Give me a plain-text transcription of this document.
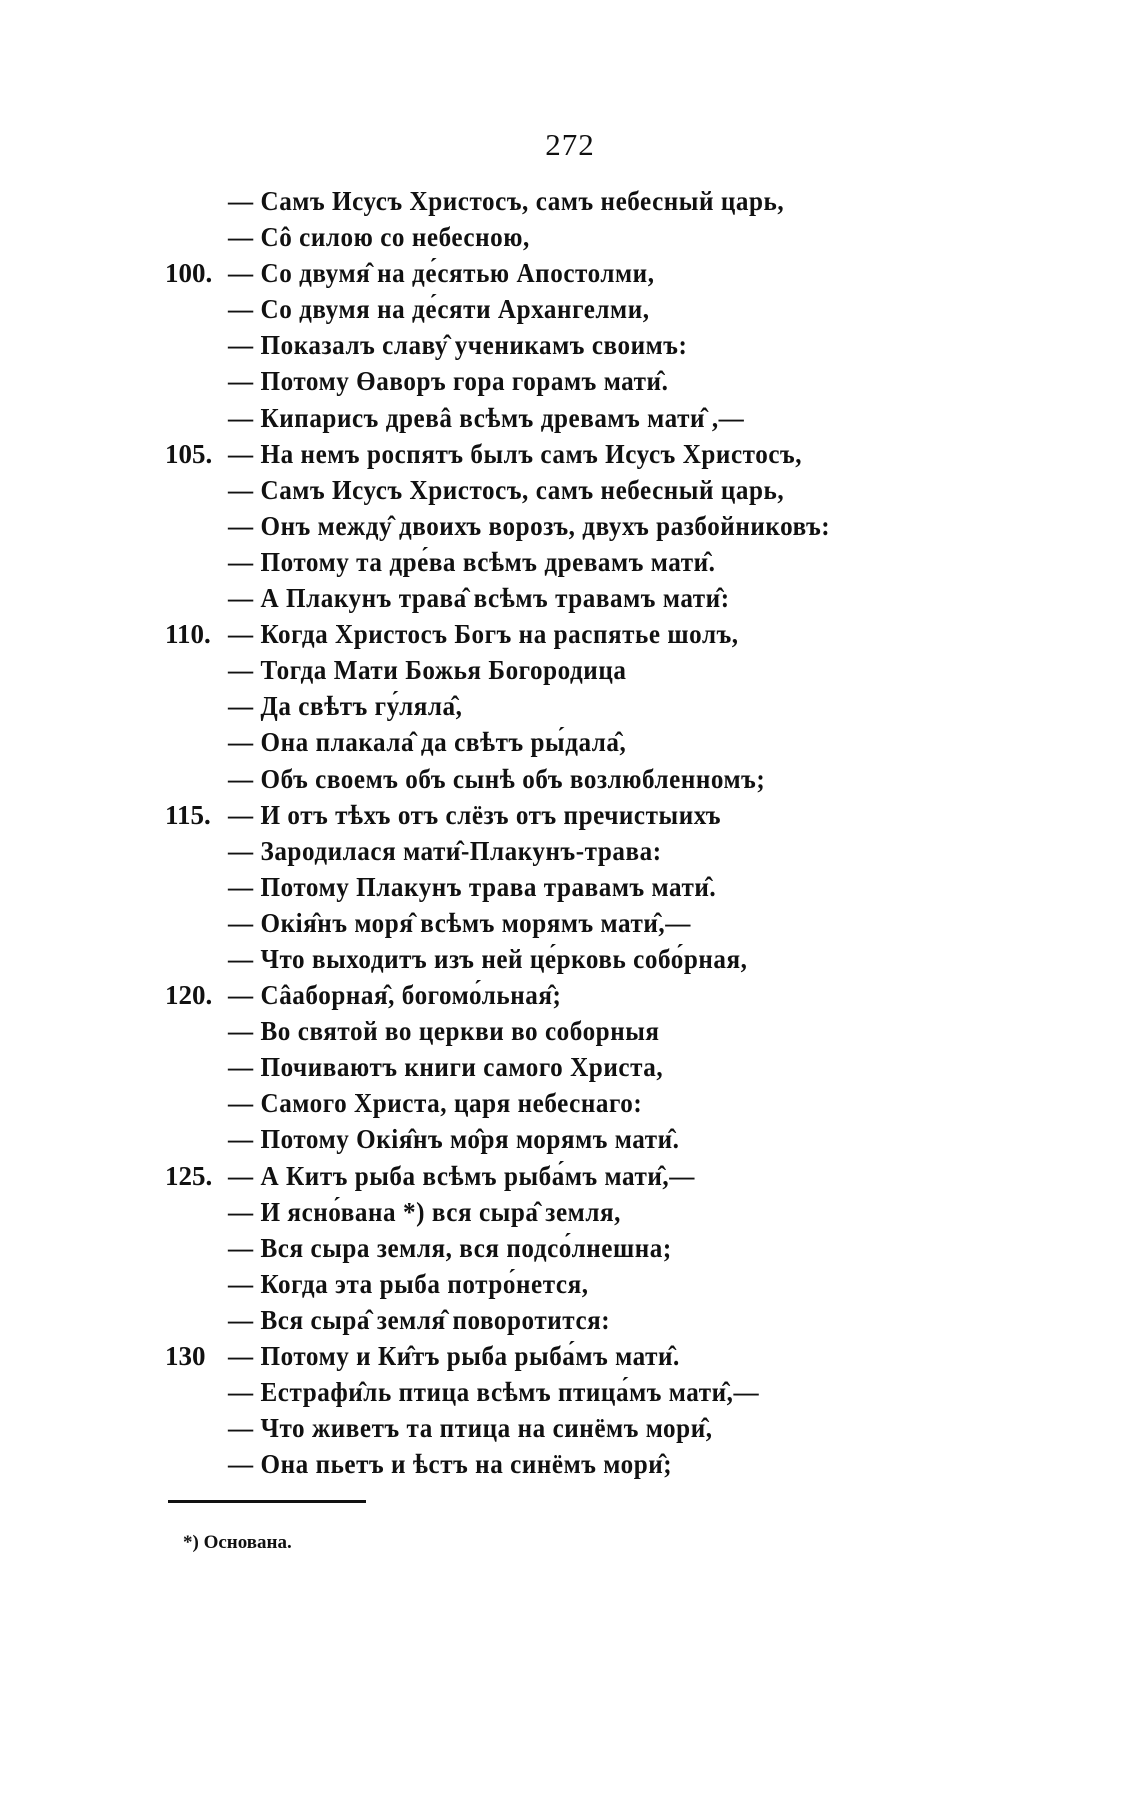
272
— Самъ Исусъ Христосъ, самъ небесный царь,
— Cô силою со небесною,
100. — Со двумя̂ на де́сятью Апостолми,
— Со двумя на де́сяти Архангелми,
— Показалъ славу̂ ученикамъ своимъ:
— Потому Өаворъ гора горамъ мати̂.
— Кипарисъ древâ всѣмъ древамъ мати̂ ,—
105. — На немъ роспятъ былъ самъ Исусъ Христосъ,
— Самъ Исусъ Христосъ, самъ небесный царь,
— Онъ между̂ двоихъ ворозъ, двухъ разбойниковъ:
— Потому та дре́ва всѣмъ древамъ мати̂.
— А Плакунъ трава̂ всѣмъ травамъ мати̂:
110. — Когда Христосъ Богъ на распятье шолъ,
— Тогда Мати Божья Богородица
— Да свѣтъ гу́ляла̂,
— Она плакала̂ да свѣтъ ры́дала̂,
— Объ своемъ объ сынѣ объ возлюбленномъ;
115. — И отъ тѣхъ отъ слёзъ отъ пречистыихъ
— Зародилася мати̂-Плакунъ-трава:
— Потому Плакунъ трава травамъ мати̂.
— Окія̂нъ моря̂ всѣмъ морямъ мати̂,—
— Что выходитъ изъ ней це́рковь собо́рная,
120. — Сâаборная̂, богомо́льная̂;
— Во святой во церкви во соборныя
— Почиваютъ книги самого Христа,
— Самого Христа, царя небеснаго:
— Потому Окія̂нъ мо̂ря морямъ мати̂.
125. — А Китъ рыба всѣмъ рыба́мъ мати̂,—
— И ясно́вана *) вся сыра̂ земля,
— Вся сыра земля, вся подсо́лнешна;
— Когда эта рыба потро́нется,
— Вся сыра̂ земля̂ поворотится:
130 — Потому и Ки̂тъ рыба рыба́мъ мати̂.
— Естрафи̂ль птица всѣмъ птица́мъ мати̂,—
— Что живетъ та птица на синёмъ мори̂,
— Она пьетъ и ѣстъ на синёмъ мори̂;
*) Основана.
